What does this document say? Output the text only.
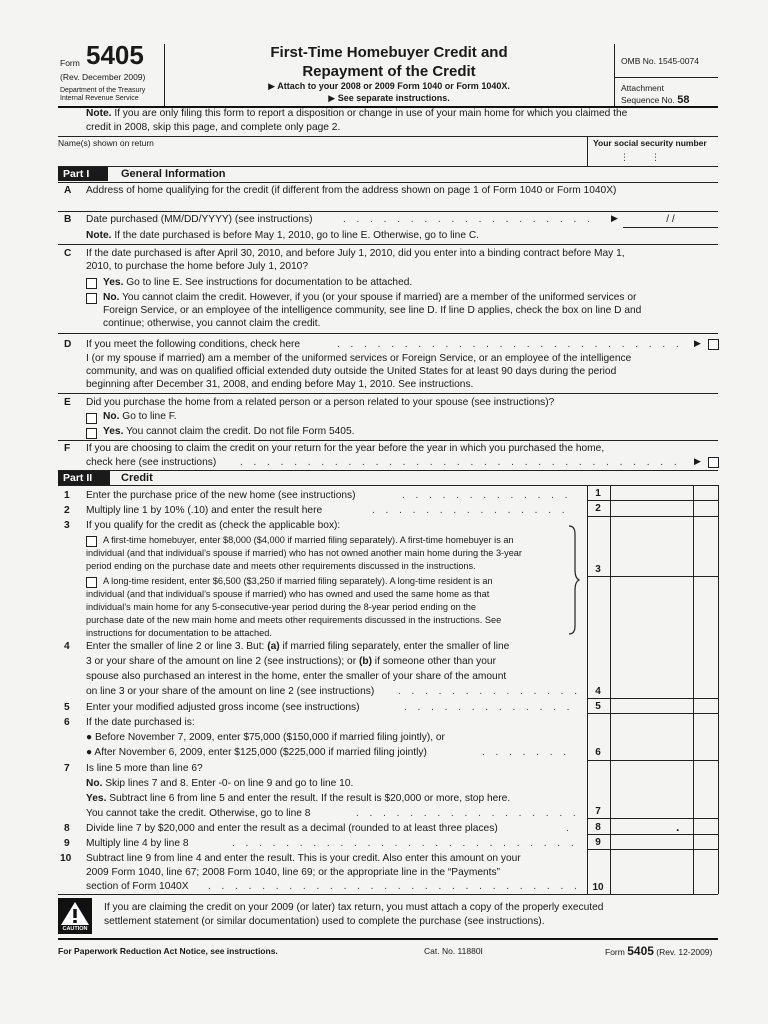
Form 5405
(Rev. December 2009)
Department of the Treasury
Internal Revenue Service
First-Time Homebuyer Credit and
Repayment of the Credit
▶ Attach to your 2008 or 2009 Form 1040 or Form 1040X.
▶ See separate instructions.
OMB No. 1545-0074
Attachment
Sequence No. 58
Note. If you are only filing this form to report a disposition or change in use of your main home for which you claimed the
credit in 2008, skip this page, and complete only page 2.
Name(s) shown on return	Your social security number
⋮      ⋮
Part I	General Information
A Address of home qualifying for the credit (if different from the address shown on page 1 of Form 1040 or Form 1040X)
B Date purchased (MM/DD/YYYY) (see instructions)	. . . . . . . . . . . . . . . . . . .	▶	/ /
Note. If the date purchased is before May 1, 2010, go to line E. Otherwise, go to line C.
C If the date purchased is after April 30, 2010, and before July 1, 2010, did you enter into a binding contract before May 1,
2010, to purchase the home before July 1, 2010?
Yes. Go to line E. See instructions for documentation to be attached.
No. You cannot claim the credit. However, if you (or your spouse if married) are a member of the uniformed services or
Foreign Service, or an employee of the intelligence community, see line D. If line D applies, check the box on line D and
continue; otherwise, you cannot claim the credit.
D If you meet the following conditions, check here	. . . . . . . . . . . . . . . . . . . . . . . . . .	▶
I (or my spouse if married) am a member of the uniformed services or Foreign Service, or an employee of the intelligence
community, and was on qualified official extended duty outside the United States for at least 90 days during the period
beginning after December 31, 2008, and ending before May 1, 2010. See instructions.
E Did you purchase the home from a related person or a person related to your spouse (see instructions)?
No. Go to line F.
Yes. You cannot claim the credit. Do not file Form 5405.
F If you are choosing to claim the credit on your return for the year before the year in which you purchased the home,
check here (see instructions) . . . . . . . . . . . . . . . . . . . . . . . . . . . . . . . . .	▶
Part II	Credit
1
2
3
4
5
6
7
8
9
10
.
1 Enter the purchase price of the new home (see instructions)	. . . . . . . . . . . . .
2 Multiply line 1 by 10% (.10) and enter the result here	. . . . . . . . . . . . . . .
3 If you qualify for the credit as (check the applicable box):
A first-time homebuyer, enter $8,000 ($4,000 if married filing separately). A first-time homebuyer is an
individual (and that individual’s spouse if married) who has not owned another main home during the 3-year
period ending on the purchase date and meets other requirements discussed in the instructions.
A long-time resident, enter $6,500 ($3,250 if married filing separately). A long-time resident is an
individual (and that individual’s spouse if married) who has owned and used the same home as that
individual’s main home for any 5-consecutive-year period during the 8-year period ending on the
purchase date of the new main home and meets other requirements discussed in the instructions. See
instructions for documentation to be attached.
4 Enter the smaller of line 2 or line 3. But: (a) if married filing separately, enter the smaller of line
3 or your share of the amount on line 2 (see instructions); or (b) if someone other than your
spouse also purchased an interest in the home, enter the smaller of your share of the amount
on line 3 or your share of the amount on line 2 (see instructions) . . . . . . . . . . . . . .
5 Enter your modified adjusted gross income (see instructions)	. . . . . . . . . . . . .
6 If the date purchased is:
● Before November 7, 2009, enter $75,000 ($150,000 if married filing jointly), or
● After November 6, 2009, enter $125,000 ($225,000 if married filing jointly)	. . . . . . .
7 Is line 5 more than line 6?
No. Skip lines 7 and 8. Enter -0- on line 9 and go to line 10.
Yes. Subtract line 6 from line 5 and enter the result. If the result is $20,000 or more, stop here.
You cannot take the credit. Otherwise, go to line 8	. . . . . . . . . . . . . . . . .
8 Divide line 7 by $20,000 and enter the result as a decimal (rounded to at least three places)	.
9 Multiply line 4 by line 8	. . . . . . . . . . . . . . . . . . . . . . . . . .
10 Subtract line 9 from line 4 and enter the result. This is your credit. Also enter this amount on your
2009 Form 1040, line 67; 2008 Form 1040, line 69; or the appropriate line in the “Payments”
section of Form 1040X . . . . . . . . . . . . . . . . . . . . . . . . . . . .
CAUTION
If you are claiming the credit on your 2009 (or later) tax return, you must attach a copy of the properly executed
settlement statement (or similar documentation) used to complete the purchase (see instructions).
For Paperwork Reduction Act Notice, see instructions.	Cat. No. 11880I	Form 5405 (Rev. 12-2009)
